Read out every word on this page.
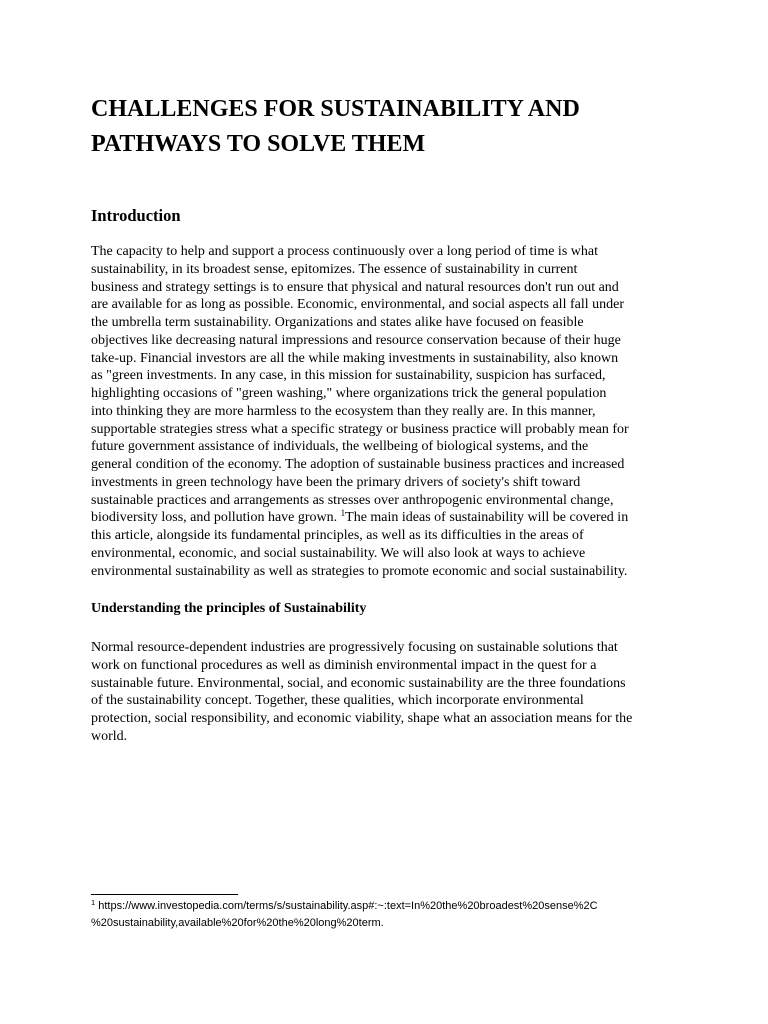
CHALLENGES FOR SUSTAINABILITY AND
PATHWAYS TO SOLVE THEM
Introduction

The capacity to help and support a process continuously over a long period of time is what
sustainability, in its broadest sense, epitomizes. The essence of sustainability in current
business and strategy settings is to ensure that physical and natural resources don't run out and
are available for as long as possible. Economic, environmental, and social aspects all fall under
the umbrella term sustainability. Organizations and states alike have focused on feasible
objectives like decreasing natural impressions and resource conservation because of their huge
take-up. Financial investors are all the while making investments in sustainability, also known
as "green investments. In any case, in this mission for sustainability, suspicion has surfaced,
highlighting occasions of "green washing," where organizations trick the general population
into thinking they are more harmless to the ecosystem than they really are. In this manner,
supportable strategies stress what a specific strategy or business practice will probably mean for
future government assistance of individuals, the wellbeing of biological systems, and the
general condition of the economy. The adoption of sustainable business practices and increased
investments in green technology have been the primary drivers of society's shift toward
sustainable practices and arrangements as stresses over anthropogenic environmental change,
biodiversity loss, and pollution have grown. $^1$The main ideas of sustainability will be covered in
this article, alongside its fundamental principles, as well as its difficulties in the areas of
environmental, economic, and social sustainability. We will also look at ways to achieve
environmental sustainability as well as strategies to promote economic and social sustainability.

Understanding the principles of Sustainability

Normal resource-dependent industries are progressively focusing on sustainable solutions that
work on functional procedures as well as diminish environmental impact in the quest for a
sustainable future. Environmental, social, and economic sustainability are the three foundations
of the sustainability concept. Together, these qualities, which incorporate environmental
protection, social responsibility, and economic viability, shape what an association means for the
world.

$^1$ https://www.investopedia.com/terms/s/sustainability.asp#:~:text=In%20the%20broadest%20sense%2C
%20sustainability,available%20for%20the%20long%20term.
